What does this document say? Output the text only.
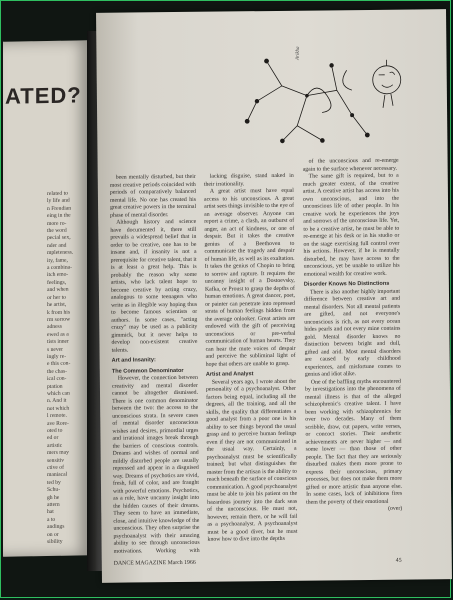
ATED?
related to
ly life and
n Freudian
eing in the
more ro-
the word
pecial sex,
nder and
mpleteness.
ity, fame,
a combina-
itch emo-
feelings,
and when
or her to
he artist,
k from his
rm sorrow
adness
ewed as a
tists inner
s never
ingly re-
e this con-
the chas-
ical con-
ptation
which can
n. And it
not which
l remote.
ave Rore-
oted to
ed or
artistic
mers may
sensitiv
ctive of
maniacal
ted by
Schu-
gh he
attern
hat
a to
andings
on or
sibility
Arikha

been mentally disturbed, but their most creative periods coincided with periods of comparatively balanced mental life. No one has created his great creative powers in the terminal phase of mental disorder.

Although history and science have documented it, there still prevails a widespread belief that in order to be creative, one has to be insane and, if insanity is not a prerequisite for creative talent, that it is at least a great help. This is probably the reason why some artists, who lack talent hope to become creative by acting crazy, analogous to some teenagers who write as in illegible way hoping thus to become famous scientists or authors. In some cases, "acting crazy" may be used as a publicity gimmick, but it never helps to develop non-existent creative talents.

Art and Insanity:

The Common Denominator

However, the connection between creativity and mental disorder cannot be altogether dismissed. There is one common denominator between the two: the access to the unconscious strata. In severe cases of mental disorder unconscious wishes and desires, primordial urges and irrational images break through the barriers of conscious controls. Dreams and wishes of normal and mildly disturbed people are usually repressed and appear in a disguised way. Dreams of psychotics are vivid, fresh, full of color, and are fraught with powerful emotions. Psychotics, as a rule, have uncanny insight into the hidden causes of their dreams. They seem to have an immediate, close, and intuitive knowledge of the unconscious. They often surprise the psychoanalyst with their amazing ability to see through unconscious motivations. Working with

lacking disguise, stand naked in their irrationality.

A great artist must have equal access to his unconscious. A great artist sees things invisible to the eye of an average observer. Anyone can report a crime, a clash, an outburst of anger, an act of kindness, or one of despair. But it takes the creative genius of a Beethoven to communicate the tragedy and despair of human life, as well as its exaltation. It takes the genius of Chopin to bring to sorrow and rapture. It requires the uncanny insight of a Dostoevsky, Kafka, or Proust to grasp the depths of human emotions. A great dancer, poet, or painter can penetrate into repressed strata of human feelings hidden from the average onlooker. Great artists are endowed with the gift of perceiving unconscious or pre-verbal communication of human hearts. They can hear the mute voices of despair and perceive the subliminal light of hope that others are unable to grasp.

Artist and Analyst

Several years ago, I wrote about the personality of a psychoanalyst. Other factors being equal, including all the degrees, all the training, and all the skills, the quality that differentiates a good analyst from a poor one is his ability to see things beyond the usual grasp and to perceive human feelings even if they are not communicated in the usual way. Certainly, a psychoanalyst must be scientifically trained; but what distinguishes the master from the artisan is the ability to reach beneath the surface of conscious communication. A good psychoanalyst must be able to join his patient on the hazardous journey into the dark seas of the unconscious. He must not, however, remain there, or he will fail as a psychoanalyst. A psychoanalyst must be a good diver, but he must know how to dive into the depths

of the unconscious and re-emerge again to the surface whenever necessary.

The same gift is required, but to a much greater extent, of the creative artist. A creative artist has access into his own unconscious, and into the unconscious life of other people. In his creative work he experiences the joys and sorrows of the unconscious life. Yet, to be a creative artist, he must be able to re-emerge at his desk or in his studio or on the stage exercising full control over his actions. However, if he is mentally disturbed, he may have access to the unconscious, yet be unable to utilize his emotional wealth for creative work.

Disorder Knows No Distinctions

There is also another highly important difference between creative art and mental disorders. Not all mental patients are gifted, and not everyone's unconscious is rich, as not every ocean hides pearls and not every mine contains gold. Mental disorder knows no distinction between bright and dull, gifted and arid. Most mental disorders are caused by early childhood experiences, and misfortune comes to genius and idiot alike.

One of the baffling myths encountered by investigations into the phenomena of mental illness is that of the alleged schizophrenic's creative talent. I have been working with schizophrenics for over two decades. Many of them scribble, draw, cut papers, write verses, or concoct stories. Their aesthetic achievements are never higher — and some lower — than those of other people. The fact that they are seriously disturbed makes them more prone to express their unconscious, primary processes, but does not make them more gifted or more artistic than anyone else. In some cases, lack of inhibitions fires them the poverty of their emotional

(over)

DANCE MAGAZINE March 1966	45
